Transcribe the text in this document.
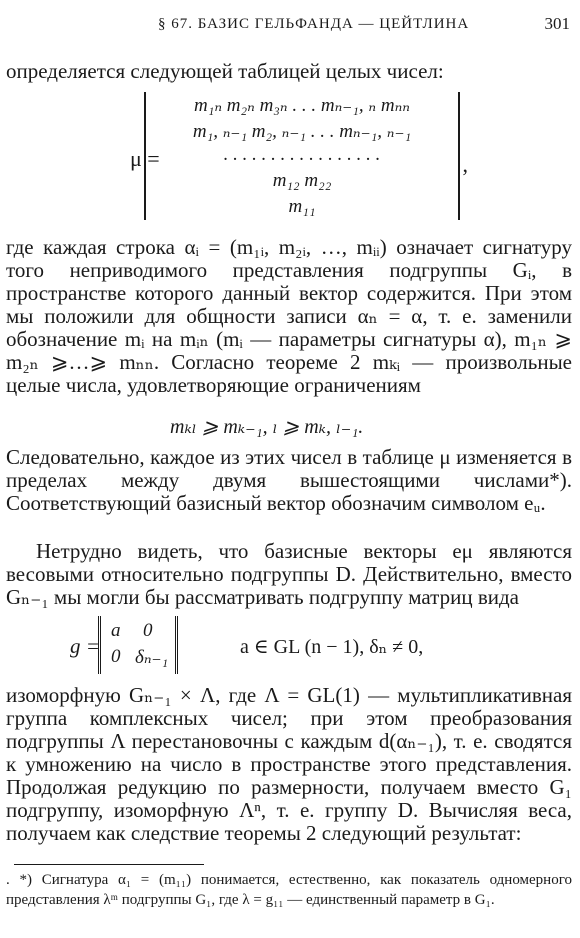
§ 67. БАЗИС ГЕЛЬФАНДА — ЦЕЙТЛИНА	301
определяется следующей таблицей целых чисел:
μ =
m₁ₙ m₂ₙ m₃ₙ . . . mₙ₋₁, ₙ mₙₙ
m₁, ₙ₋₁ m₂, ₙ₋₁ . . . mₙ₋₁, ₙ₋₁
. . . . . . . . . . . . . . . . .
m₁₂ m₂₂
m₁₁
,
где каждая строка αᵢ = (m₁ᵢ, m₂ᵢ, …, mᵢᵢ) означает сигнатуру того неприводимого представления подгруппы Gᵢ, в пространстве которого данный вектор содержится. При этом мы положили для общности записи αₙ = α, т. е. заменили обозначение mᵢ на mᵢₙ (mᵢ — параметры сигнатуры α), m₁ₙ ⩾ m₂ₙ ⩾…⩾ mₙₙ. Согласно теореме 2 mₖᵢ — произвольные целые числа, удовлетворяющие ограничениям
mₖₗ ⩾ mₖ₋₁, ₗ ⩾ mₖ, ₗ₋₁.
Следовательно, каждое из этих чисел в таблице μ изменяется в пределах между двумя вышестоящими числами*). Соответствующий базисный вектор обозначим символом eᵤ.
Нетрудно видеть, что базисные векторы eμ являются весовыми относительно подгруппы D. Действительно, вместо Gₙ₋₁ мы могли бы рассматривать подгруппу матриц вида
g =
a 0
0 δₙ₋₁	a ∈ GL (n − 1), δₙ ≠ 0,
изоморфную Gₙ₋₁ × Λ, где Λ = GL(1) — мультипликативная группа комплексных чисел; при этом преобразования подгруппы Λ перестановочны с каждым d(αₙ₋₁), т. е. сводятся к умножению на число в пространстве этого представления. Продолжая редукцию по размерности, получаем вместо G₁ подгруппу, изоморфную Λⁿ, т. е. группу D. Вычисляя веса, получаем как следствие теоремы 2 следующий результат:
. *) Сигнатура α₁ = (m₁₁) понимается, естественно, как показатель одномерного представления λᵐ подгруппы G₁, где λ = g₁₁ — единственный параметр в G₁.
